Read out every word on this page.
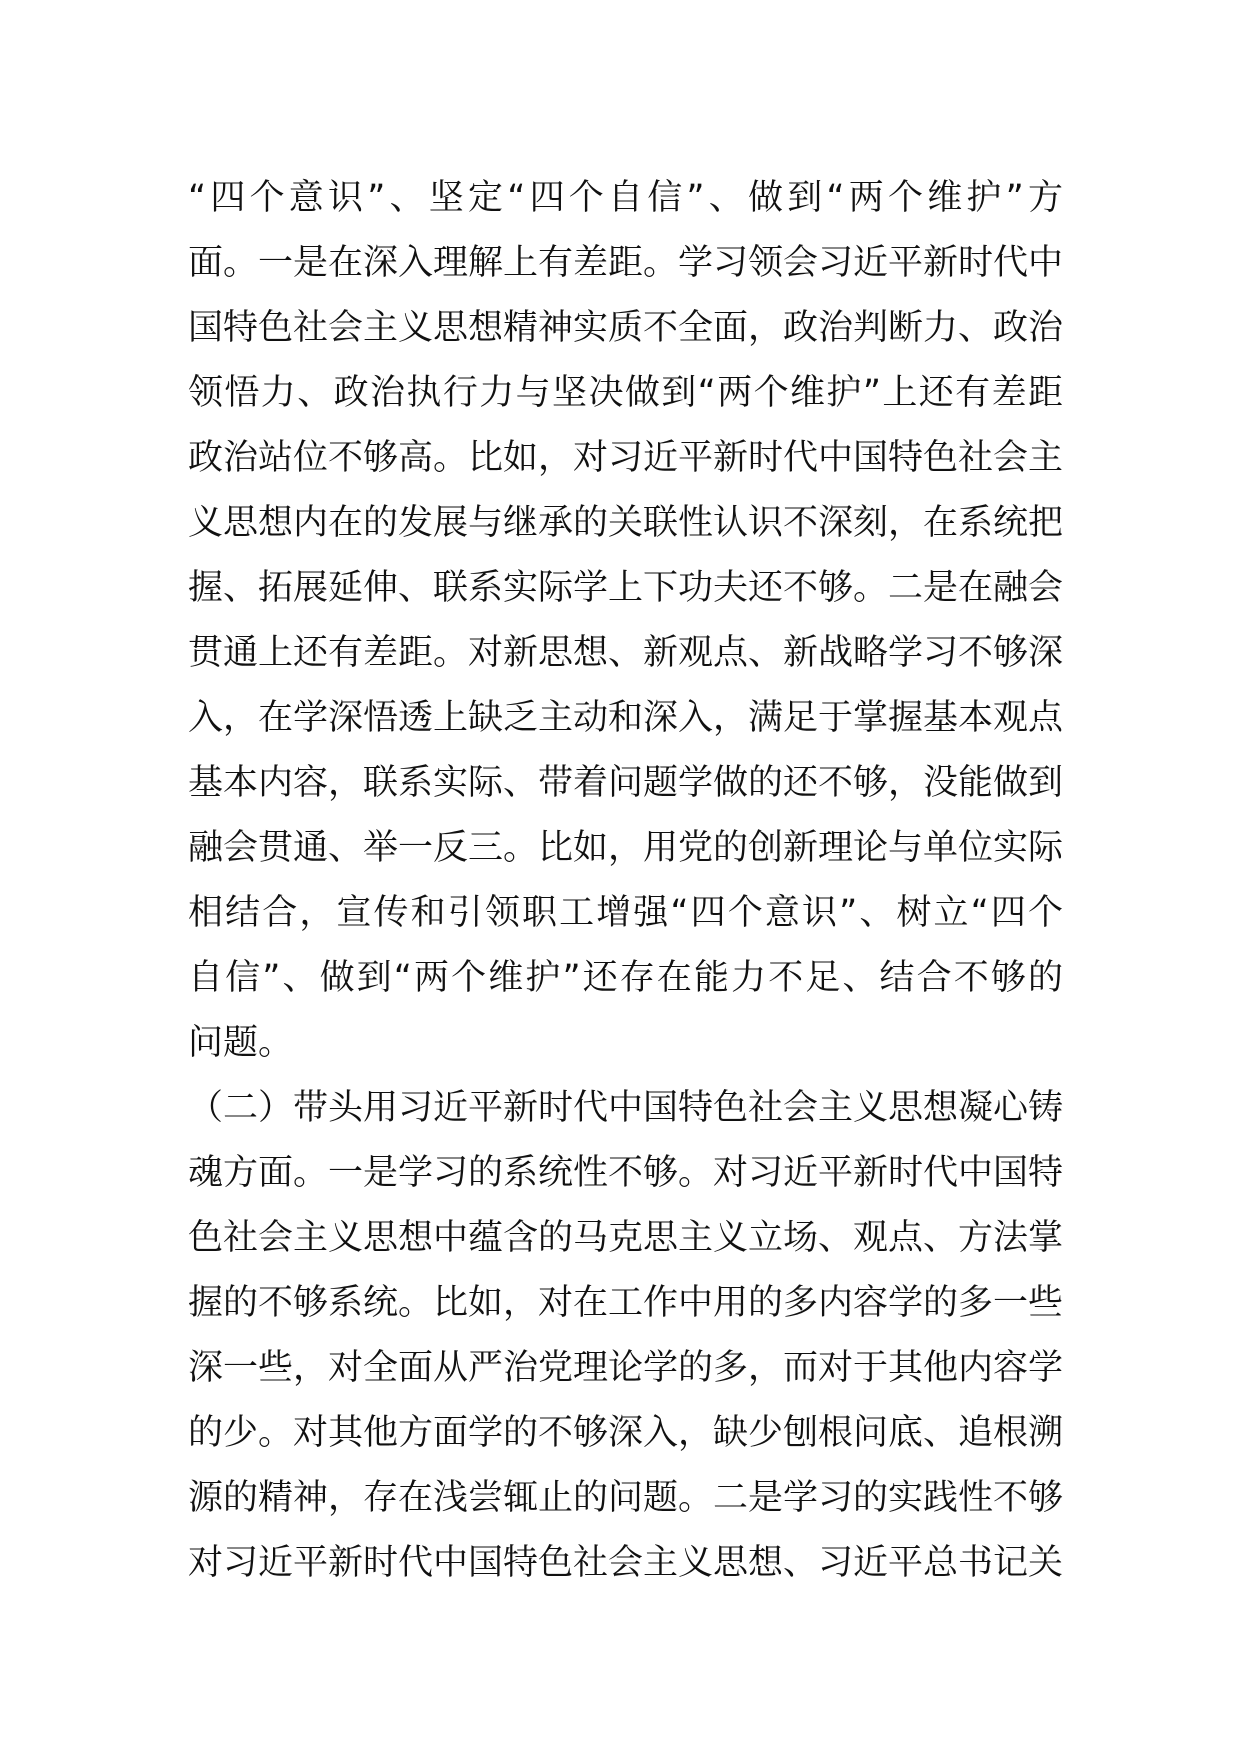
“四个意识”、坚定“四个自信”、做到“两个维护”方
面。一是在深入理解上有差距。学习领会习近平新时代中
国特色社会主义思想精神实质不全面，政治判断力、政治
领悟力、政治执行力与坚决做到“两个维护”上还有差距
政治站位不够高。比如，对习近平新时代中国特色社会主
义思想内在的发展与继承的关联性认识不深刻，在系统把
握、拓展延伸、联系实际学上下功夫还不够。二是在融会
贯通上还有差距。对新思想、新观点、新战略学习不够深
入，在学深悟透上缺乏主动和深入，满足于掌握基本观点
基本内容，联系实际、带着问题学做的还不够，没能做到
融会贯通、举一反三。比如，用党的创新理论与单位实际
相结合，宣传和引领职工增强“四个意识”、树立“四个
自信”、做到“两个维护”还存在能力不足、结合不够的
问题。
（二）带头用习近平新时代中国特色社会主义思想凝心铸
魂方面。一是学习的系统性不够。对习近平新时代中国特
色社会主义思想中蕴含的马克思主义立场、观点、方法掌
握的不够系统。比如，对在工作中用的多内容学的多一些
深一些，对全面从严治党理论学的多，而对于其他内容学
的少。对其他方面学的不够深入，缺少刨根问底、追根溯
源的精神，存在浅尝辄止的问题。二是学习的实践性不够
对习近平新时代中国特色社会主义思想、习近平总书记关
